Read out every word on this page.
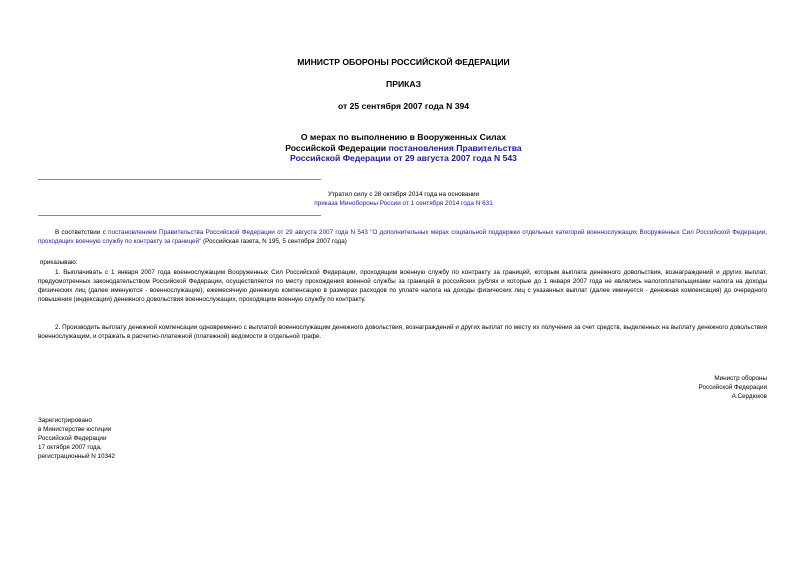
МИНИСТР ОБОРОНЫ РОССИЙСКОЙ ФЕДЕРАЦИИ
ПРИКАЗ
от 25 сентября 2007 года N 394
О мерах по выполнению в Вооруженных Силах
Российской Федерации постановления Правительства
Российской Федерации от 29 августа 2007 года N 543
Утратил силу с 28 октября 2014 года на основании
приказа Минобороны России от 1 сентября 2014 года N 631
В соответствии с постановлением Правительства Российской Федерации от 29 августа 2007 года N 543 "О дополнительных мерах социальной поддержки отдельных категорий военнослужащих Вооруженных Сил Российской Федерации, проходящих военную службу по контракту за границей" (Российская газета, N 195, 5 сентября 2007 года)
приказываю:
1. Выплачивать с 1 января 2007 года военнослужащим Вооруженных Сил Российской Федерации, проходящим военную службу по контракту за границей, которым выплата денежного довольствия, вознаграждений и других выплат, предусмотренных законодательством Российской Федерации, осуществляется по месту прохождения военной службы за границей в российских рублях и которые до 1 января 2007 года не являлись налогоплательщиками налога на доходы физических лиц (далее именуются - военнослужащие), ежемесячную денежную компенсацию в размерах расходов по уплате налога на доходы физических лиц с указанных выплат (далее именуется - денежная компенсация) до очередного повышения (индексации) денежного довольствия военнослужащих, проходящим военную службу по контракту.
2. Производить выплату денежной компенсации одновременно с выплатой военнослужащим денежного довольствия, вознаграждений и других выплат по месту их получения за счет средств, выделенных на выплату денежного довольствия военнослужащим, и отражать в расчетно-платежной (платежной) ведомости в отдельной графе.
Министр обороны
Российской Федерации
А.Сердюков
Зарегистрировано
в Министерстве юстиции
Российской Федерации
17 октября 2007 года,
регистрационный N 10342
